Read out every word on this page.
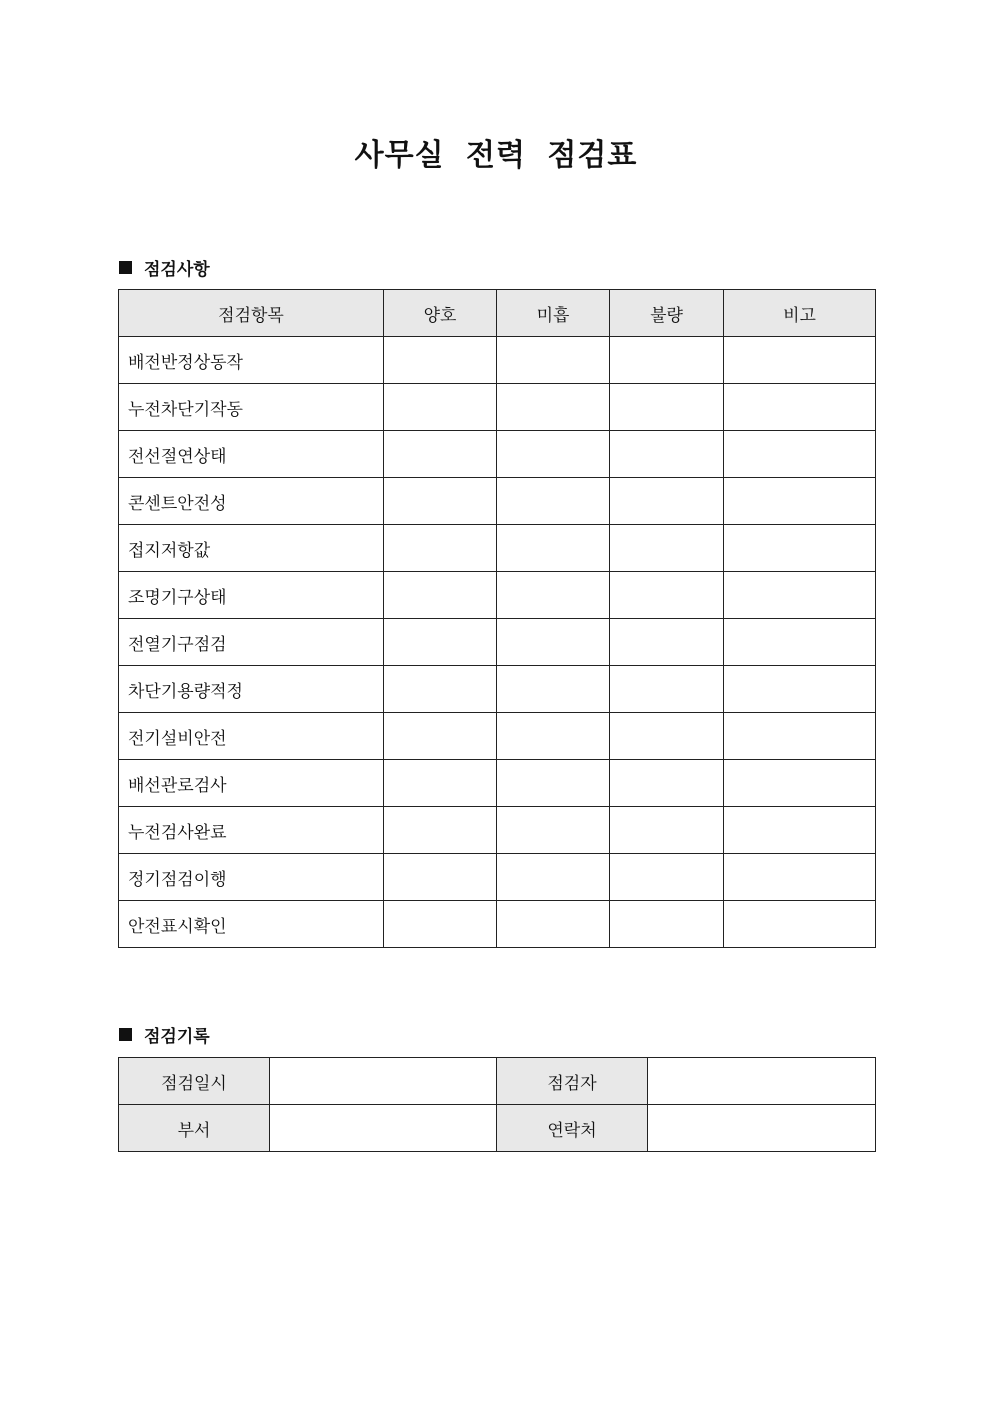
사무실 전력 점검표
점검사항
점검항목	양호	미흡	불량	비고
배전반정상동작				
누전차단기작동				
전선절연상태				
콘센트안전성				
접지저항값				
조명기구상태				
전열기구점검				
차단기용량적정				
전기설비안전				
배선관로검사				
누전검사완료				
정기점검이행				
안전표시확인				
점검기록
점검일시		점검자	
부서		연락처	
